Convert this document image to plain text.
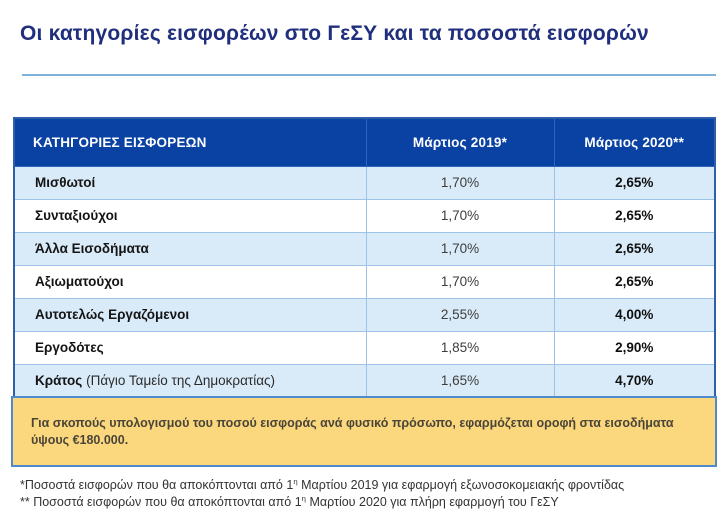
Οι κατηγορίες εισφορέων στο ΓεΣΥ και τα ποσοστά εισφορών
ΚΑΤΗΓΟΡΙΕΣ ΕΙΣΦΟΡΕΩΝ	Μάρτιος 2019*	Μάρτιος 2020**
Μισθωτοί	1,70%	2,65%
Συνταξιούχοι	1,70%	2,65%
Άλλα Εισοδήματα	1,70%	2,65%
Αξιωματούχοι	1,70%	2,65%
Αυτοτελώς Εργαζόμενοι	2,55%	4,00%
Εργοδότες	1,85%	2,90%
Κράτος (Πάγιο Ταμείο της Δημοκρατίας)	1,65%	4,70%
Για σκοπούς υπολογισμού του ποσού εισφοράς ανά φυσικό πρόσωπο, εφαρμόζεται οροφή στα εισοδήματα ύψους €180.000.
*Ποσοστά εισφορών που θα αποκόπτονται από $1^\eta$ Μαρτίου 2019 για εφαρμογή εξωνοσοκομειακής φροντίδας
** Ποσοστά εισφορών που θα αποκόπτονται από $1^\eta$ Μαρτίου 2020 για πλήρη εφαρμογή του ΓεΣΥ
